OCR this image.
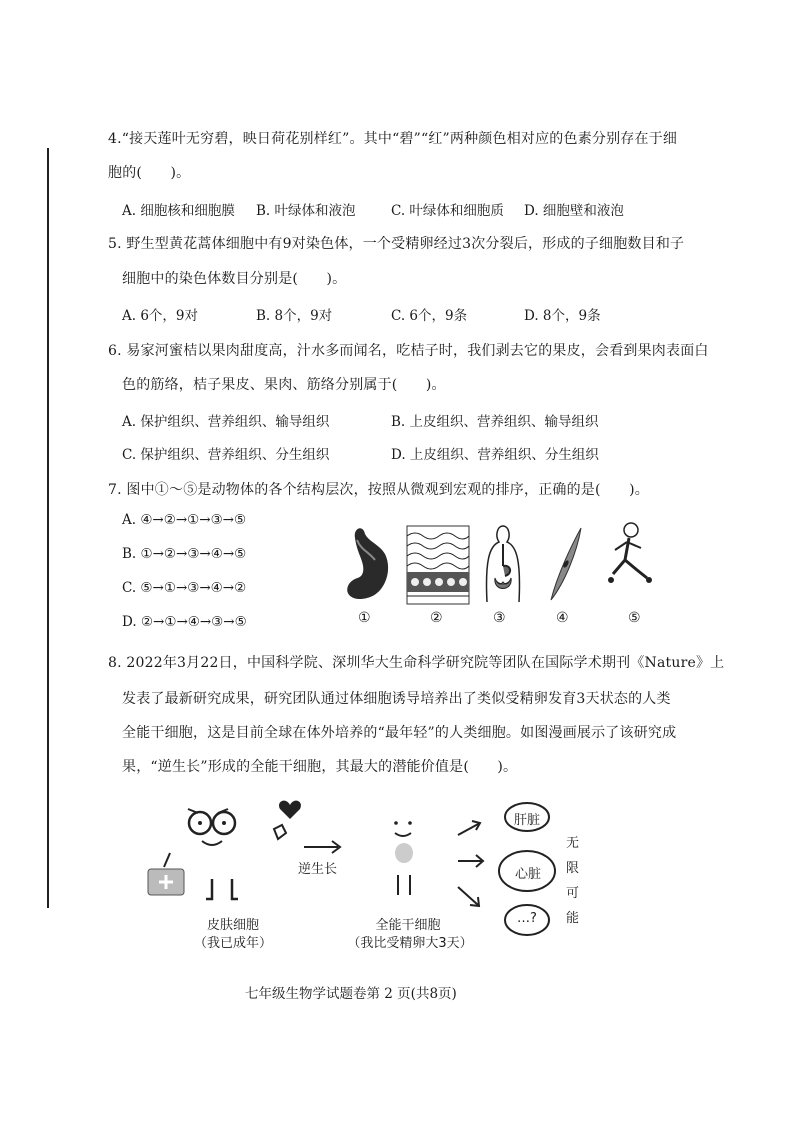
4.“接天莲叶无穷碧，映日荷花别样红”。其中“碧”“红”两种颜色相对应的色素分别存在于细
胞的(　　)。
A. 细胞核和细胞膜 B. 叶绿体和液泡	C. 叶绿体和细胞质 D. 细胞壁和液泡
5. 野生型黄花蒿体细胞中有9对染色体，一个受精卵经过3次分裂后，形成的子细胞数目和子
细胞中的染色体数目分别是(　　)。
A. 6个，9对	B. 8个，9对	C. 6个，9条	D. 8个，9条
6. 易家河蜜桔以果肉甜度高，汁水多而闻名，吃桔子时，我们剥去它的果皮，会看到果肉表面白
色的筋络，桔子果皮、果肉、筋络分别属于(　　)。
A. 保护组织、营养组织、输导组织	B. 上皮组织、营养组织、输导组织
C. 保护组织、营养组织、分生组织	D. 上皮组织、营养组织、分生组织
7. 图中①～⑤是动物体的各个结构层次，按照从微观到宏观的排序，正确的是(　　)。
A. ④→②→①→③→⑤
B. ①→②→③→④→⑤
C. ⑤→①→③→④→②
D. ②→①→④→③→⑤	①	②	③	④	⑤
8. 2022年3月22日，中国科学院、深圳华大生命科学研究院等团队在国际学术期刊《Nature》上
发表了最新研究成果，研究团队通过体细胞诱导培养出了类似受精卵发育3天状态的人类
全能干细胞，这是目前全球在体外培养的“最年轻”的人类细胞。如图漫画展示了该研究成
果，“逆生长”形成的全能干细胞，其最大的潜能价值是(　　)。
逆生长
皮肤细胞
（我已成年）
全能干细胞
（我比受精卵大3天）
肝脏
心脏
…?
无
限
可
能
七年级生物学试题卷第 2 页(共8页)
